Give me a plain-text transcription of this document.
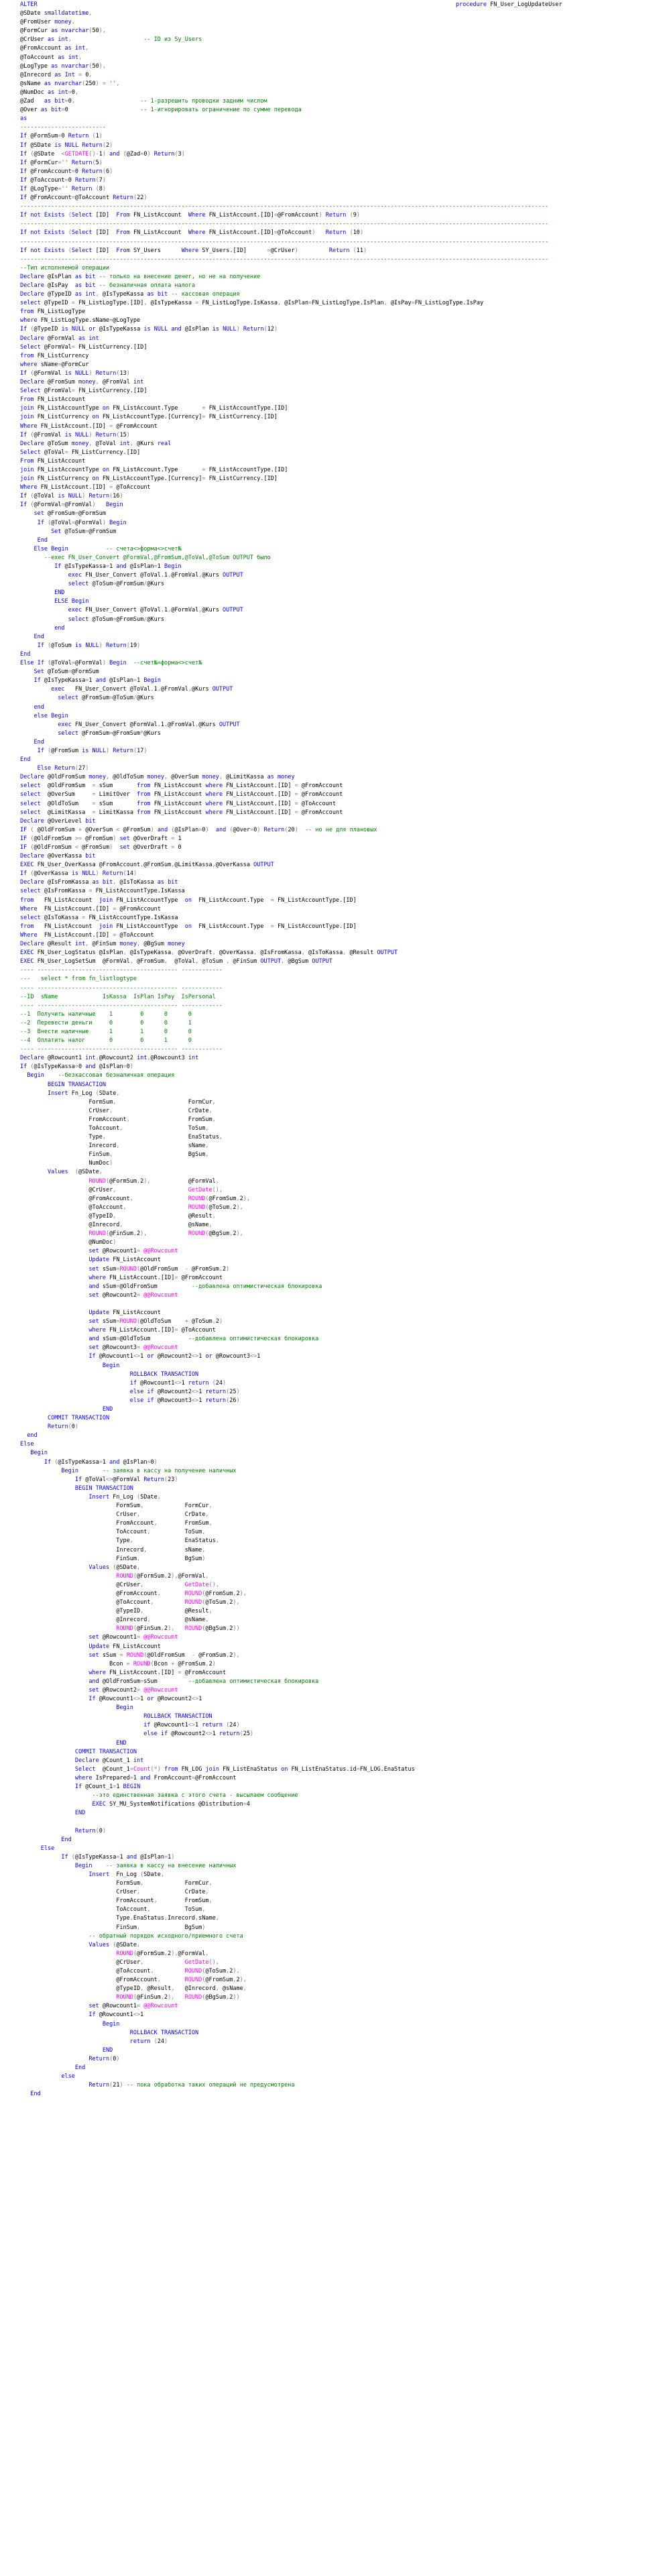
ALTER	procedure FN_User_LogUpdateUser
@SDate smalldatetime,
@FromUser money,
@FormCur as nvarchar(50),
@CrUser as int,	-- ID из Sy_Users
@FromAccount as int,
@ToAccount as int,
@LogType as nvarchar(50),
@Inrecord as Int = 0,
@sName as nvarchar(250) = '',
@NumDoc as int=0,
@Zad as bit=0,	-- 1-разрешить проводки задним числом
@Over as bit=0                     -- 1-игнорировать ограничение по сумме перевода
as
-------------------------
If @FormSum=0 Return (1)
If @SDate is NULL Return(2)
If (@SDate <GETDATE()-1) and (@Zad=0) Return(3)
If @FormCur='' Return(5)
If @FromAccount=0 Return(6)
If @ToAccount=0 Return(7)
If @LogType='' Return (8)
If @FromAccount=@ToAccount Return(22)
----------------------------------------------------------------------------------------------------------------------------------------------------------
If not Exists (Select [ID]  From FN_ListAccount Where FN_ListAccount.[ID]=@FromAccount) Return (9)
----------------------------------------------------------------------------------------------------------------------------------------------------------
If not Exists (Select [ID]  From FN_ListAccount Where FN_ListAccount.[ID]=@ToAccount) Return (10)
----------------------------------------------------------------------------------------------------------------------------------------------------------
If not Exists (Select [ID]  From SY_Users	Where SY_Users.[ID]      =@CrUser)	Return (11)
----------------------------------------------------------------------------------------------------------------------------------------------------------
--Тип исполняемой операции
Declare @IsPlan as bit -- только на внесение денег, но не на получение
Declare @IsPay as bit -- безналичная оплата налога
Declare @TypeID as int, @IsTypeKassa as bit -- кассовая операция
select @TypeID = FN_ListLogType.[ID], @IsTypeKassa = FN_ListLogType.IsKassa, @IsPlan=FN_ListLogType.IsPlan, @IsPay=FN_ListLogType.IsPay
from FN_ListLogType
where FN_ListLogType.sName=@LogType
If (@TypeID is NULL or @IsTypeKassa is NULL and @IsPlan is NULL) Return(12)
Declare @FormVal as int
Select @FormVal= FN_ListCurrency.[ID]
from FN_ListCurrency
where sName=@FormCur
If (@FormVal is NULL) Return(13)
Declare @FromSum money, @FromVal int
Select @FromVal= FN_ListCurrency.[ID]
From FN_ListAccount
join FN_ListAccountType on FN_ListAccount.Type	= FN_ListAccountType.[ID]
join FN_ListCurrency on FN_ListAccountType.[Currency]= FN_ListCurrency.[ID]
Where FN_ListAccount.[ID] = @FromAccount
If (@FromVal is NULL) Return(15)
Declare @ToSum money, @ToVal int, @Kurs real
Select @ToVal= FN_ListCurrency.[ID]
From FN_ListAccount
join FN_ListAccountType on FN_ListAccount.Type	= FN_ListAccountType.[ID]
join FN_ListCurrency on FN_ListAccountType.[Currency]= FN_ListCurrency.[ID]
Where FN_ListAccount.[ID] = @ToAccount
If (@ToVal is NULL) Return(16)
If (@FormVal=@FromVal) Begin
set @FromSum=@FormSum
If (@ToVal=@FormVal) Begin
Set @ToSum=@FromSum
End
Else Begin	-- счета<>форма<>счет№
--exec FN_User_Convert @FormVal,@FromSum,@ToVal,@ToSum OUTPUT было
If @IsTypeKassa=1 and @IsPlan=1 Begin
exec FN_User_Convert @ToVal,1,@FromVal,@Kurs OUTPUT
select @ToSum=@FromSum/@Kurs
END
ELSE Begin
exec FN_User_Convert @ToVal,1,@FormVal,@Kurs OUTPUT
select @ToSum=@FromSum/@Kurs
end
End
If (@ToSum is NULL) Return(19)
End
Else If (@ToVal=@FormVal) Begin --счет№=форма<>счет№
Set @ToSum=@FormSum
If @IsTypeKassa=1 and @IsPlan=1 Begin
exec FN_User_Convert @ToVal,1,@FromVal,@Kurs OUTPUT
select @FromSum=@ToSum/@Kurs
end
else Begin
exec FN_User_Convert @FormVal,1,@FromVal,@Kurs OUTPUT
select @FromSum=@FromSum*@Kurs
End
If (@FromSum is NULL) Return(17)
End
Else Return(27)
Declare @OldFromSum money, @OldToSum money, @OverSum money, @LimitKassa as money
select @OldFromSum = sSum	from FN_ListAccount where FN_ListAccount.[ID] = @FromAccount
select @OverSum	= LimitOver from FN_ListAccount where FN_ListAccount.[ID] = @FromAccount
select @OldToSum = sSum	from FN_ListAccount where FN_ListAccount.[ID] = @ToAccount
select @LimitKassa = LimitKassa from FN_ListAccount where FN_ListAccount.[ID] = @FromAccount
Declare @OverLevel bit
IF ( @OldFromSum + @OverSum < @FromSum) and (@IsPlan=0) and (@Over=0) Return(20) -- но не для плановых
IF (@OldFromSum >= @FromSum) set @OverDraft = 1
IF (@OldFromSum < @FromSum) set @OverDraft = 0
Declare @OverKassa bit
EXEC FN_User_OverKassa @FromAccount,@FromSum,@LimitKassa,@OverKassa OUTPUT
If (@OverKassa is NULL) Return(14)
Declare @IsFromKassa as bit, @IsToKassa as bit
select @IsFromKassa = FN_ListAccountType.IsKassa
from FN_ListAccount join FN_ListAccountType on FN_ListAccount.Type = FN_ListAccountType.[ID]
Where FN_ListAccount.[ID] = @FromAccount
select @IsToKassa = FN_ListAccountType.IsKassa
from FN_ListAccount join FN_ListAccountType on FN_ListAccount.Type = FN_ListAccountType.[ID]
Where FN_ListAccount.[ID] = @ToAccount
Declare @Result int, @FinSum money, @BgSum money
EXEC FN_User_LogStatus @IsPlan, @IsTypeKassa, @OverDraft, @OverKassa, @IsFromKassa, @IsToKassa, @Result OUTPUT
EXEC FN_User_LogSetSum @FormVal, @FromSum, @ToVal, @ToSum , @FinSum OUTPUT, @BgSum OUTPUT
---- ----------------------------------------- ------------
---   select * from fn_listlogtype
---- ----------------------------------------- ------------
--ID  sName             IsKassa  IsPlan IsPay  IsPersonal
---- ----------------------------------------- ------------
--1  Получить наличные    1        0      0      0
--2  Перевести деньги     0        0      0      1
--3  Внести наличные      1        1      0      0
--4  Оплатить налог       0        0      1      0
---- ----------------------------------------- ------------
Declare @Rowcount1 int,@Rowcount2 int,@Rowcount3 int
If (@IsTypeKassa=0 and @IsPlan=0)
Begin --безкассовая безналичная операция
BEGIN TRANSACTION
Insert Fn_Log (SDate,
FormSum,	FormCur,
CrUser,	CrDate,
FromAccount,	FromSum,
ToAccount,	ToSum,
Type,	EnaStatus,
Inrecord,	sName,
FinSum,	BgSum,
NumDoc)
Values (@SDate,
ROUND(@FormSum,2),	@FormVal,
@CrUser,	GetDate(),
@FromAccount,	ROUND(@FromSum,2),
@ToAccount,	ROUND(@ToSum,2),
@TypeID,	@Result,
@Inrecord,	@sName,
ROUND(@FinSum,2),	ROUND(@BgSum,2),
@NumDoc)
set @Rowcount1= @@Rowcount
Update FN_ListAccount
set sSum=ROUND(@OldFromSum - @FromSum,2)
where FN_ListAccount.[ID]= @FromAccount
and sSum=@OldFromSum	--добавлена оптимистическая блокировка
set @Rowcount2= @@Rowcount
Update FN_ListAccount
set sSum=ROUND(@OldToSum + @ToSum,2)
where FN_ListAccount.[ID]= @ToAccount
and sSum=@OldToSum	--добавлена оптимистическая блокировка
set @Rowcount3= @@Rowcount
If @Rowcount1<>1 or @Rowcount2<>1 or @Rowcount3<>1
Begin
ROLLBACK TRANSACTION
if @Rowcount1<>1 return (24)
else if @Rowcount2<>1 return(25)
else if @Rowcount3<>1 return(26)
END
COMMIT TRANSACTION
Return(0)
end
Else
Begin
If (@IsTypeKassa=1 and @IsPlan=0)
Begin	-- заявка в кассу на получение наличных
If @ToVal<>@FormVal Return(23)
BEGIN TRANSACTION
Insert Fn_Log (SDate,
FormSum,	FormCur,
CrUser,	CrDate,
FromAccount,	FromSum,
ToAccount,	ToSum,
Type,	EnaStatus,
Inrecord,	sName,
FinSum,	BgSum)
Values (@SDate,
ROUND(@FormSum,2),@FormVal,
@CrUser,	GetDate(),
@FromAccount,	ROUND(@FromSum,2),
@ToAccount,	ROUND(@ToSum,2),
@TypeID,	@Result,
@Inrecord,	@sName,
ROUND(@FinSum,2), ROUND(@BgSum,2))
set @Rowcount1= @@Rowcount
Update FN_ListAccount
set sSum = ROUND(@OldFromSum - @FromSum,2),
Bcon = ROUND(Bcon + @FromSum,2)
where FN_ListAccount.[ID] = @FromAccount
and @OldFromSum=sSum	--добавлена оптимистическая блокировка
set @Rowcount2= @@Rowcount
If @Rowcount1<>1 or @Rowcount2<>1
Begin
ROLLBACK TRANSACTION
if @Rowcount1<>1 return (24)
else if @Rowcount2<>1 return(25)
END
COMMIT TRANSACTION
Declare @Count_1 int
Select @Count_1=Count(*) from FN_LOG join FN_ListEnaStatus on FN_ListEnaStatus.id=FN_LOG.EnaStatus
where IsPrepared=1 and FromAccount=@FromAccount
If @Count_1=1 BEGIN
--это единственная заявка с этого счета - высылаем сообщение
EXEC SY_MU_SystemNotifications @Distribution=4
END
Return(0)
End
Else
If (@IsTypeKassa=1 and @IsPlan=1)
Begin -- заявка в кассу на внесение наличных
Insert Fn_Log (SDate,
FormSum,	FormCur,
CrUser,	CrDate,
FromAccount,	FromSum,
ToAccount,	ToSum,
Type,EnaStatus,Inrecord,sName,
FinSum,	BgSum)
-- обратный порядок исходного/приемного счета
Values (@SDate,
ROUND(@FormSum,2),@FormVal,
@CrUser,	GetDate(),
@ToAccount,	ROUND(@ToSum,2),
@FromAccount,	ROUND(@FromSum,2),
@TypeID, @Result, @Inrecord, @sName,
ROUND(@FinSum,2), ROUND(@BgSum,2))
set @Rowcount1= @@Rowcount
If @Rowcount1<>1
Begin
ROLLBACK TRANSACTION
return (24)
END
Return(0)
End
else
Return(21) -- пока обработка таких операций не предусмотрена
End
